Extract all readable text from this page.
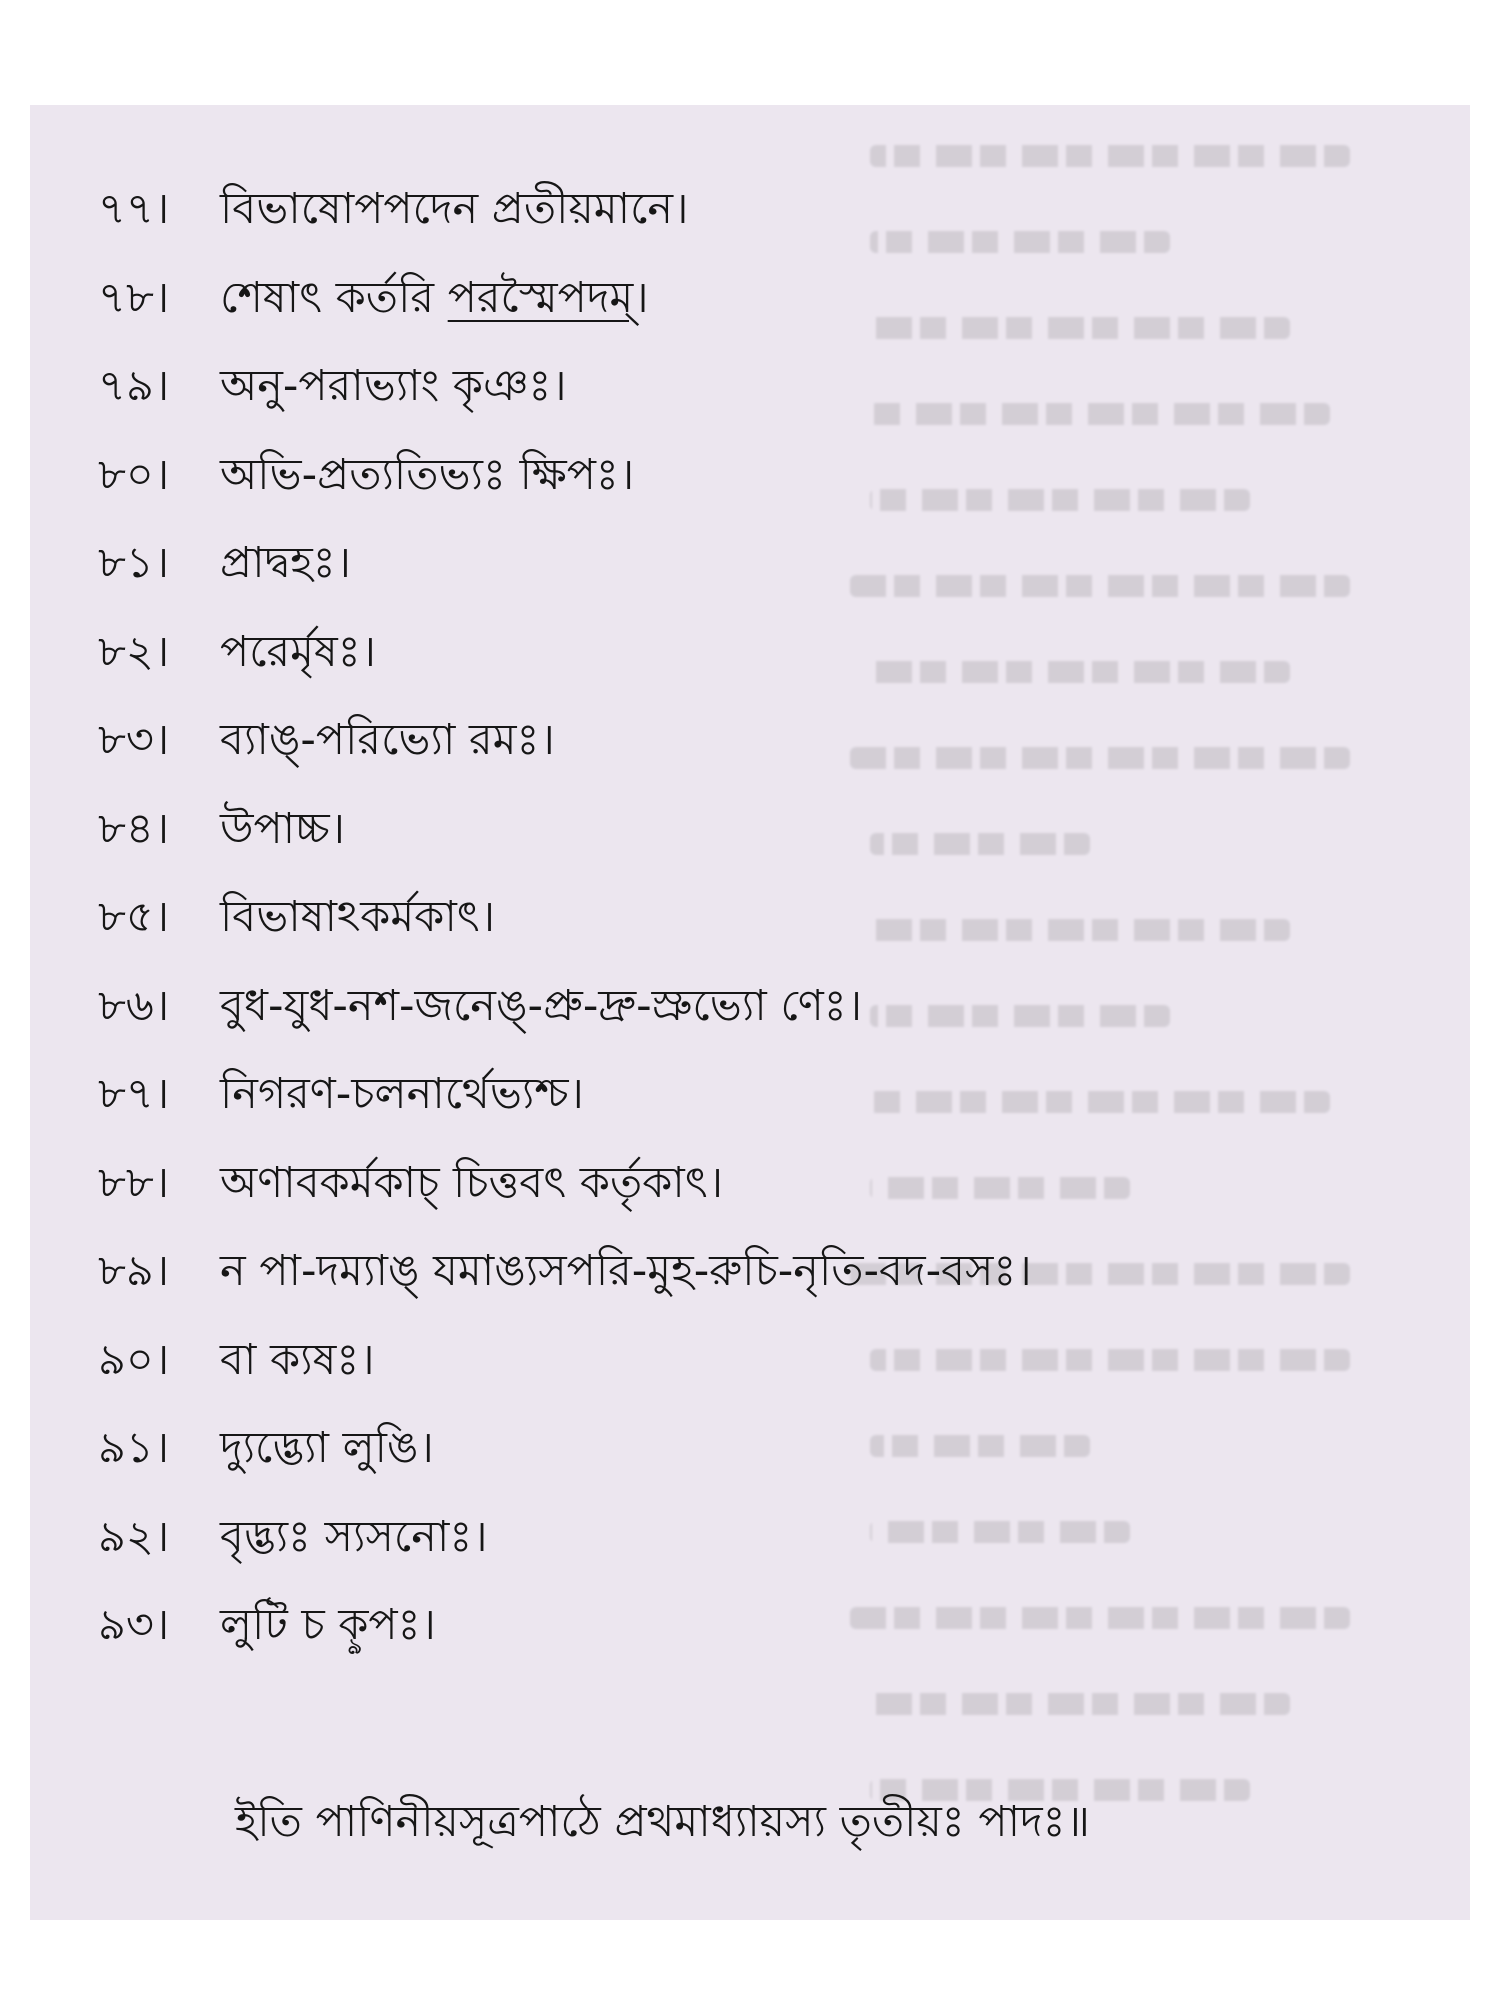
৭৭। বিভাষোপপদেন প্রতীয়মানে।
৭৮। শেষাৎ কর্তরি পরস্মৈপদম্।
৭৯। অনু-পরাভ্যাং কৃঞঃ।
৮০। অভি-প্রত্যতিভ্যঃ ক্ষিপঃ।
৮১। প্রাদ্বহঃ।
৮২। পরের্মৃষঃ।
৮৩। ব্যাঙ্-পরিভ্যো রমঃ।
৮৪। উপাচ্চ।
৮৫। বিভাষাঽকর্মকাৎ।
৮৬। বুধ-যুধ-নশ-জনেঙ্-প্রু-দ্রু-স্রুভ্যো ণেঃ।
৮৭। নিগরণ-চলনার্থেভ্যশ্চ।
৮৮। অণাবকর্মকাচ্ চিত্তবৎ কর্তৃকাৎ।
৮৯। ন পা-দম্যাঙ্ যমাঙ্যসপরি-মুহ-রুচি-নৃতি-বদ-বসঃ।
৯০। বা ক্যষঃ।
৯১। দ্যুদ্ভ্যো লুঙি।
৯২। বৃদ্ভ্যঃ স্যসনোঃ।
৯৩। লুটি চ কৢপঃ।

ইতি পাণিনীয়সূত্রপাঠে প্রথমাধ্যায়স্য তৃতীয়ঃ পাদঃ॥
